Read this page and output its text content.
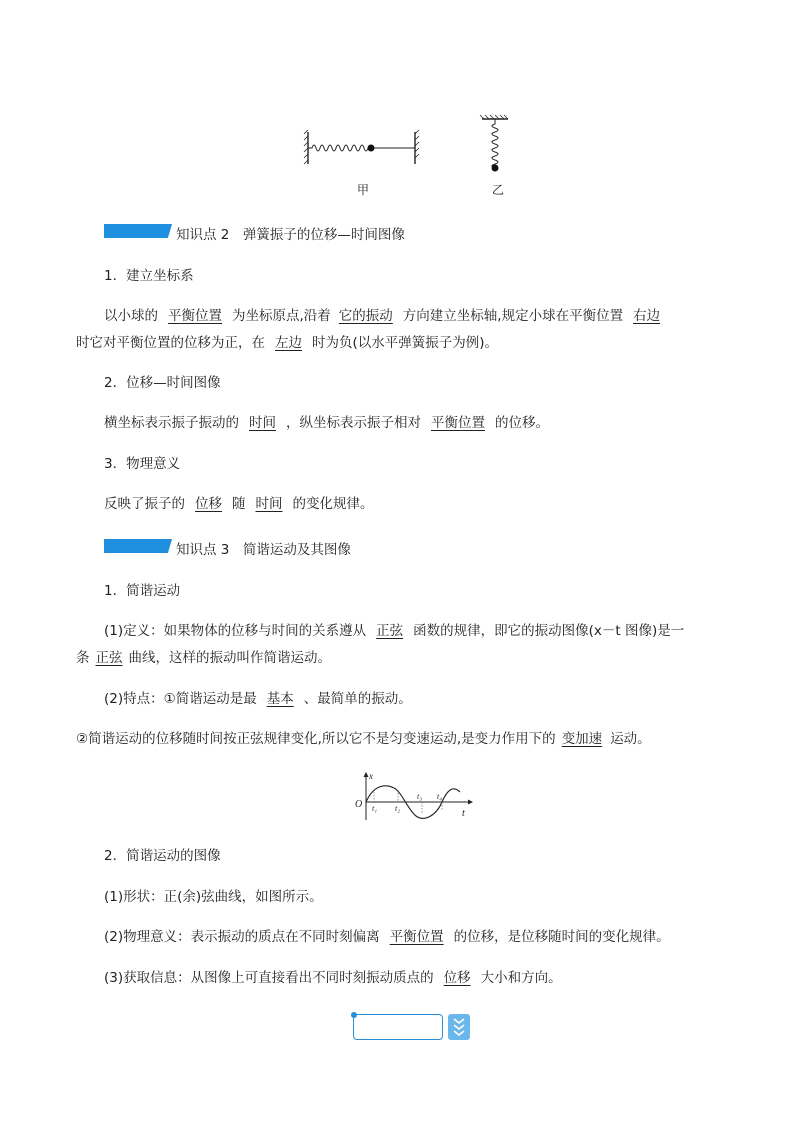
甲	乙
知识点 2　弹簧振子的位移—时间图像
1．建立坐标系
以小球的 平衡位置 为坐标原点,沿着 它的振动 方向建立坐标轴,规定小球在平衡位置 右边
时它对平衡位置的位移为正，在 左边 时为负(以水平弹簧振子为例)。
2．位移—时间图像
横坐标表示振子振动的 时间 ，纵坐标表示振子相对 平衡位置 的位移。
3．物理意义
反映了振子的 位移 随 时间 的变化规律。
知识点 3　简谐运动及其图像
1．简谐运动
(1)定义：如果物体的位移与时间的关系遵从 正弦 函数的规律，即它的振动图像(x－t 图像)是一
条 正弦 曲线，这样的振动叫作简谐运动。
(2)特点：①简谐运动是最 基本 、最简单的振动。
②简谐运动的位移随时间按正弦规律变化,所以它不是匀变速运动,是变力作用下的 变加速 运动。
x
t
O t₁ t₂
t₃ t₄
2．简谐运动的图像
(1)形状：正(余)弦曲线，如图所示。
(2)物理意义：表示振动的质点在不同时刻偏离 平衡位置 的位移，是位移随时间的变化规律。
(3)获取信息：从图像上可直接看出不同时刻振动质点的 位移 大小和方向。
